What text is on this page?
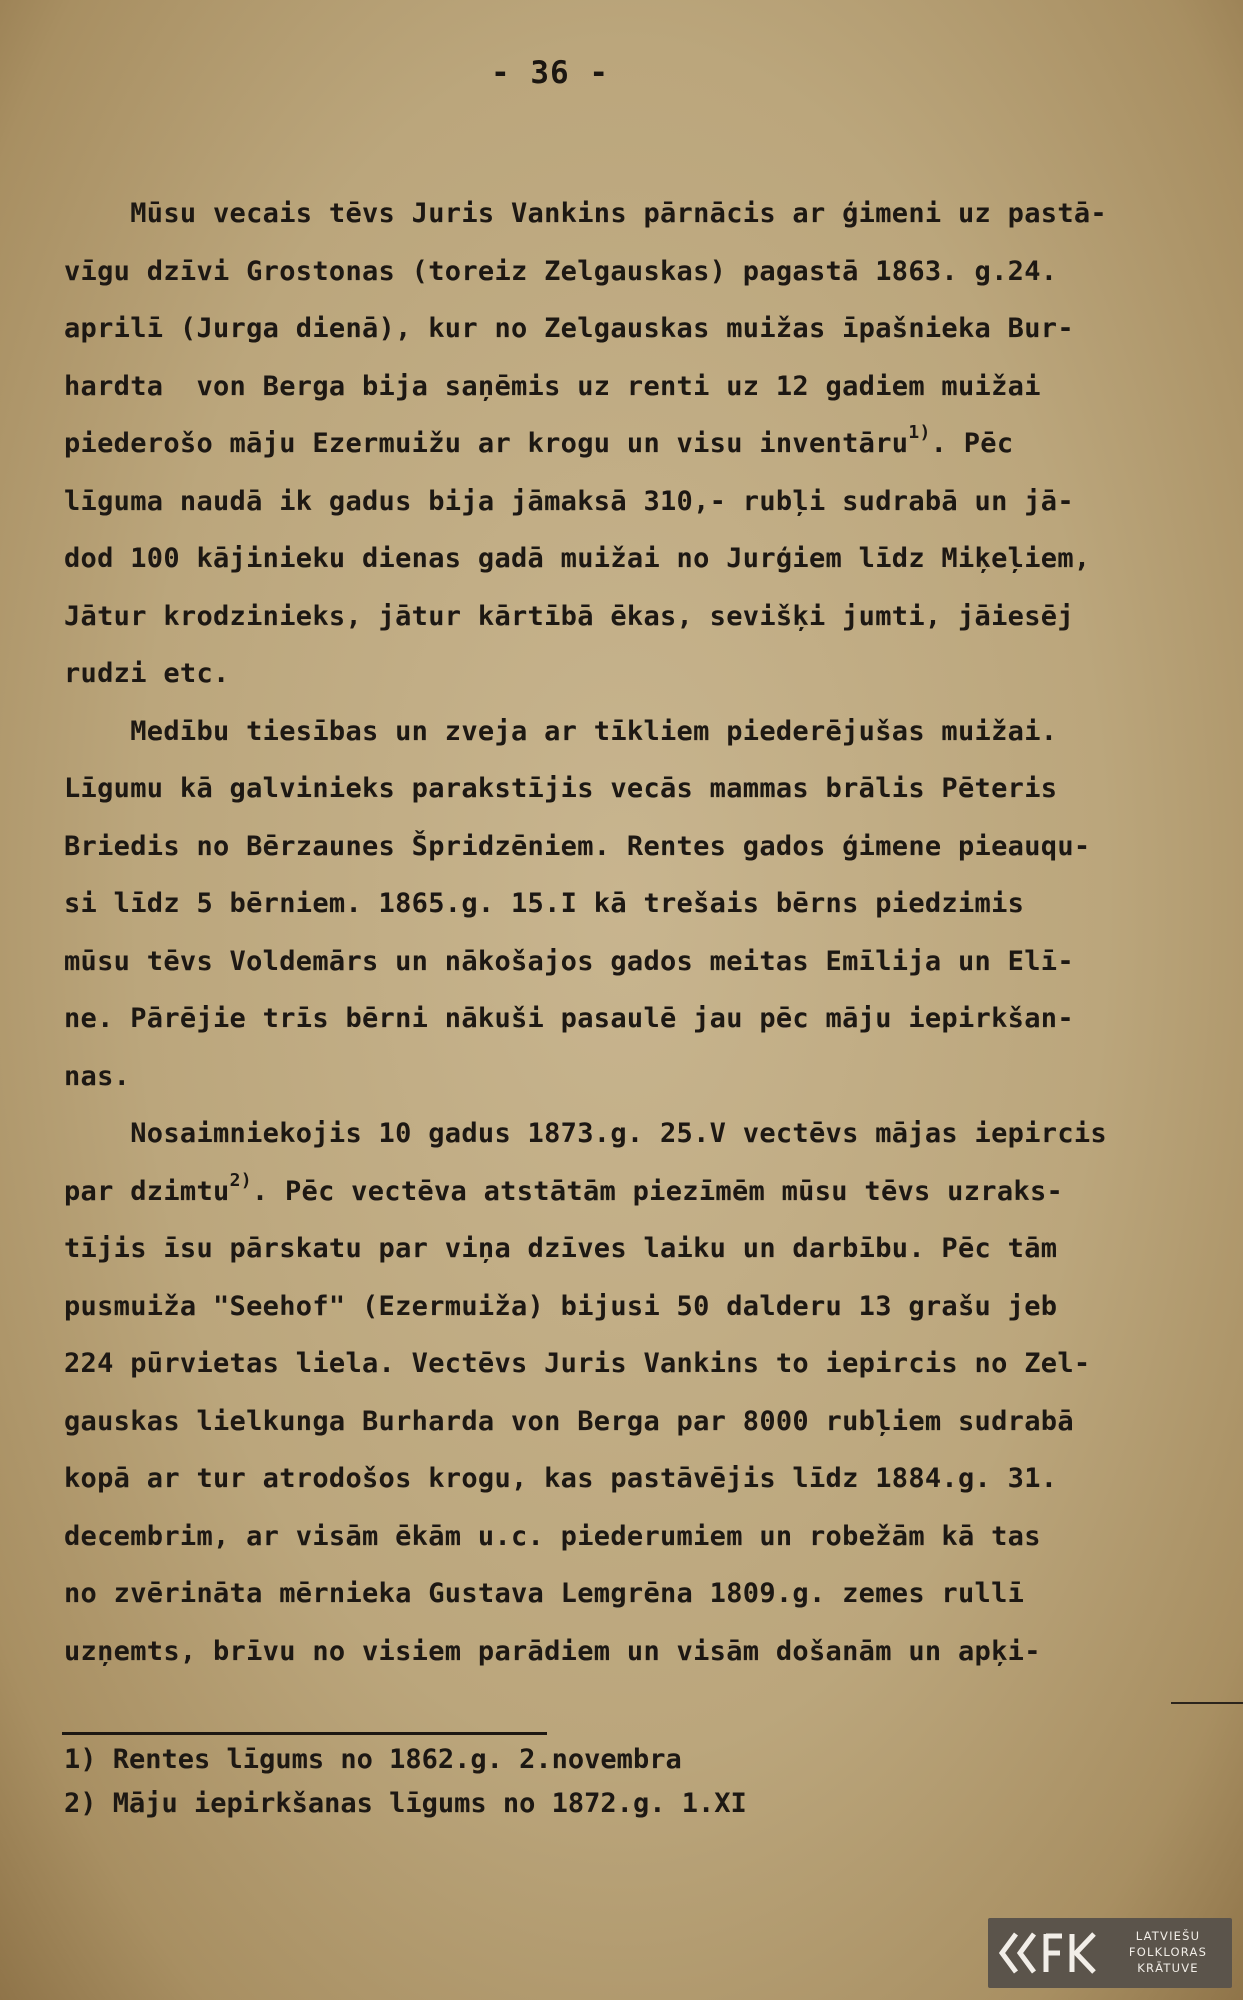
- 36 -
Mūsu vecais tēvs Juris Vankins pārnācis ar ģimeni uz pastā-
vīgu dzīvi Grostonas (toreiz Zelgauskas) pagastā 1863. g.24.
aprilī (Jurga dienā), kur no Zelgauskas muižas īpašnieka Bur-
hardta  von Berga bija saņēmis uz renti uz 12 gadiem muižai
piederošo māju Ezermuižu ar krogu un visu inventāru$^{1)}$. Pēc
līguma naudā ik gadus bija jāmaksā 310,- rubļi sudrabā un jā-
dod 100 kājinieku dienas gadā muižai no Jurģiem līdz Miķeļiem,
Jātur krodzinieks, jātur kārtībā ēkas, sevišķi jumti, jāiesēj
rudzi etc.
Medību tiesības un zveja ar tīkliem piederējušas muižai.
Līgumu kā galvinieks parakstījis vecās mammas brālis Pēteris
Briedis no Bērzaunes Špridzēniem. Rentes gados ģimene pieauqu-
si līdz 5 bērniem. 1865.g. 15.I kā trešais bērns piedzimis
mūsu tēvs Voldemārs un nākošajos gados meitas Emīlija un Elī-
ne. Pārējie trīs bērni nākuši pasaulē jau pēc māju iepirkšan-
nas.
Nosaimniekojis 10 gadus 1873.g. 25.V vectēvs mājas iepircis
par dzimtu$^{2)}$. Pēc vectēva atstātām piezīmēm mūsu tēvs uzraks-
tījis īsu pārskatu par viņa dzīves laiku un darbību. Pēc tām
pusmuiža "Seehof" (Ezermuiža) bijusi 50 dalderu 13 grašu jeb
224 pūrvietas liela. Vectēvs Juris Vankins to iepircis no Zel-
gauskas lielkunga Burharda von Berga par 8000 rubļiem sudrabā
kopā ar tur atrodošos krogu, kas pastāvējis līdz 1884.g. 31.
decembrim, ar visām ēkām u.c. piederumiem un robežām kā tas
no zvērināta mērnieka Gustava Lemgrēna 1809.g. zemes rullī
uzņemts, brīvu no visiem parādiem un visām došanām un apķi-
1) Rentes līgums no 1862.g. 2.novembra
2) Māju iepirkšanas līgums no 1872.g. 1.XI
LATVIEŠU
FOLKLORAS
KRĀTUVE
